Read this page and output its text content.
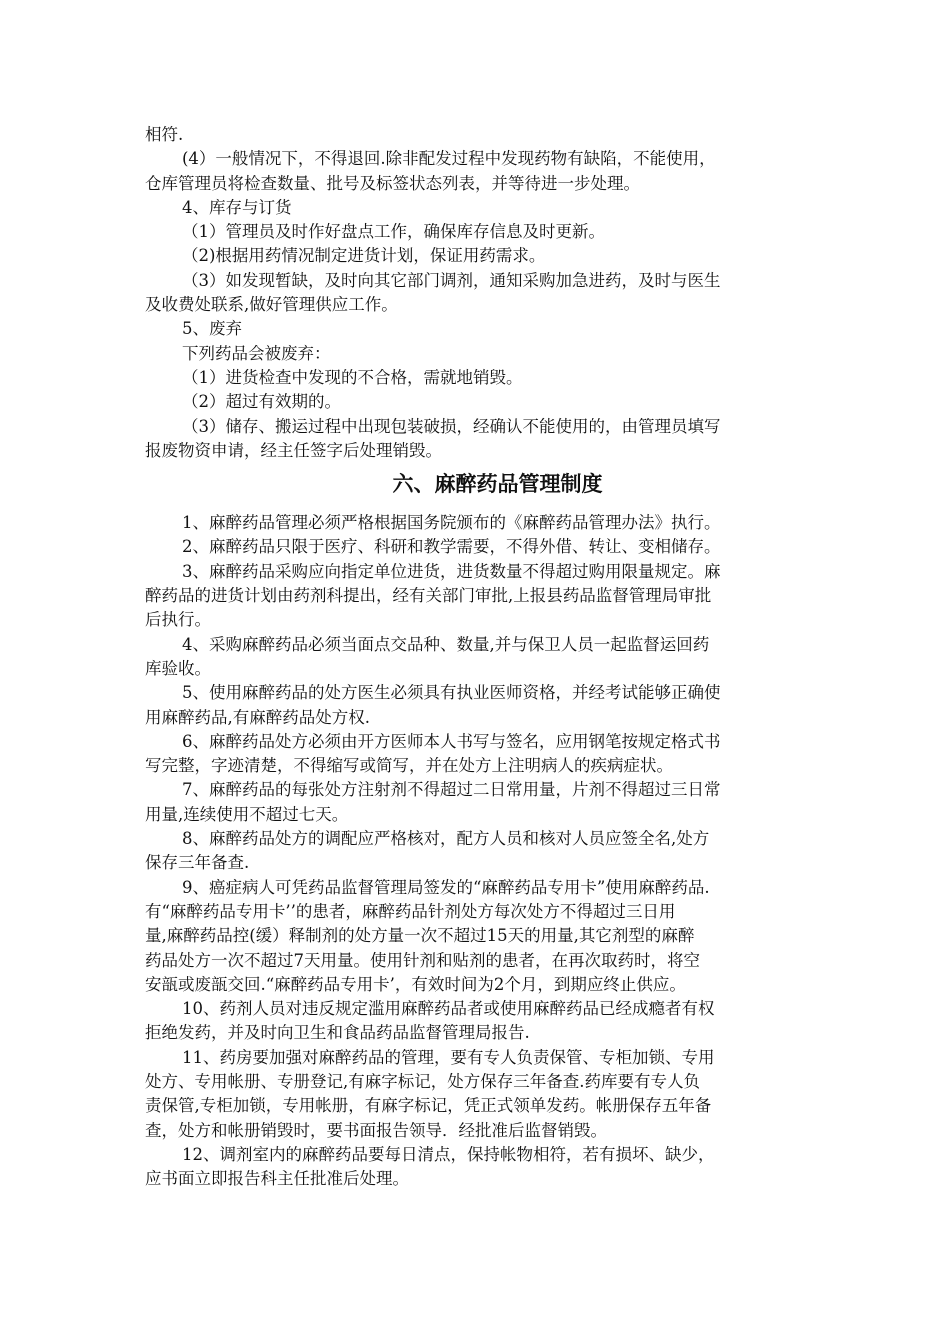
相符.
(4）一般情况下，不得退回.除非配发过程中发现药物有缺陷，不能使用，
仓库管理员将检查数量、批号及标签状态列表，并等待进一步处理。
4、库存与订货
（1）管理员及时作好盘点工作，确保库存信息及时更新。
（2)根据用药情况制定进货计划，保证用药需求。
（3）如发现暂缺，及时向其它部门调剂，通知采购加急进药，及时与医生
及收费处联系,做好管理供应工作。
5、废弃
下列药品会被废弃：
（1）进货检查中发现的不合格，需就地销毁。
（2）超过有效期的。
（3）储存、搬运过程中出现包装破损，经确认不能使用的，由管理员填写
报废物资申请，经主任签字后处理销毁。
六、麻醉药品管理制度
1、麻醉药品管理必须严格根据国务院颁布的《麻醉药品管理办法》执行。
2、麻醉药品只限于医疗、科研和教学需要，不得外借、转让、变相储存。
3、麻醉药品采购应向指定单位进货，进货数量不得超过购用限量规定。麻
醉药品的进货计划由药剂科提出，经有关部门审批,上报县药品监督管理局审批
后执行。
4、采购麻醉药品必须当面点交品种、数量,并与保卫人员一起监督运回药
库验收。
5、使用麻醉药品的处方医生必须具有执业医师资格，并经考试能够正确使
用麻醉药品,有麻醉药品处方权.
6、麻醉药品处方必须由开方医师本人书写与签名，应用钢笔按规定格式书
写完整，字迹清楚，不得缩写或简写，并在处方上注明病人的疾病症状。
7、麻醉药品的每张处方注射剂不得超过二日常用量，片剂不得超过三日常
用量,连续使用不超过七天。
8、麻醉药品处方的调配应严格核对，配方人员和核对人员应签全名,处方
保存三年备查.
9、癌症病人可凭药品监督管理局签发的“麻醉药品专用卡”使用麻醉药品.
有“麻醉药品专用卡’’的患者，麻醉药品针剂处方每次处方不得超过三日用
量,麻醉药品控(缓）释制剂的处方量一次不超过15天的用量,其它剂型的麻醉
药品处方一次不超过7天用量。使用针剂和贴剂的患者，在再次取药时，将空
安瓿或废瓿交回.“麻醉药品专用卡’，有效时间为2个月，到期应终止供应。
10、药剂人员对违反规定滥用麻醉药品者或使用麻醉药品已经成瘾者有权
拒绝发药，并及时向卫生和食品药品监督管理局报告.
11、药房要加强对麻醉药品的管理，要有专人负责保管、专柜加锁、专用
处方、专用帐册、专册登记,有麻字标记，处方保存三年备查.药库要有专人负
责保管,专柜加锁，专用帐册，有麻字标记，凭正式领单发药。帐册保存五年备
查，处方和帐册销毁时，要书面报告领导．经批准后监督销毁。
12、调剂室内的麻醉药品要每日清点，保持帐物相符，若有损坏、缺少，
应书面立即报告科主任批准后处理。
